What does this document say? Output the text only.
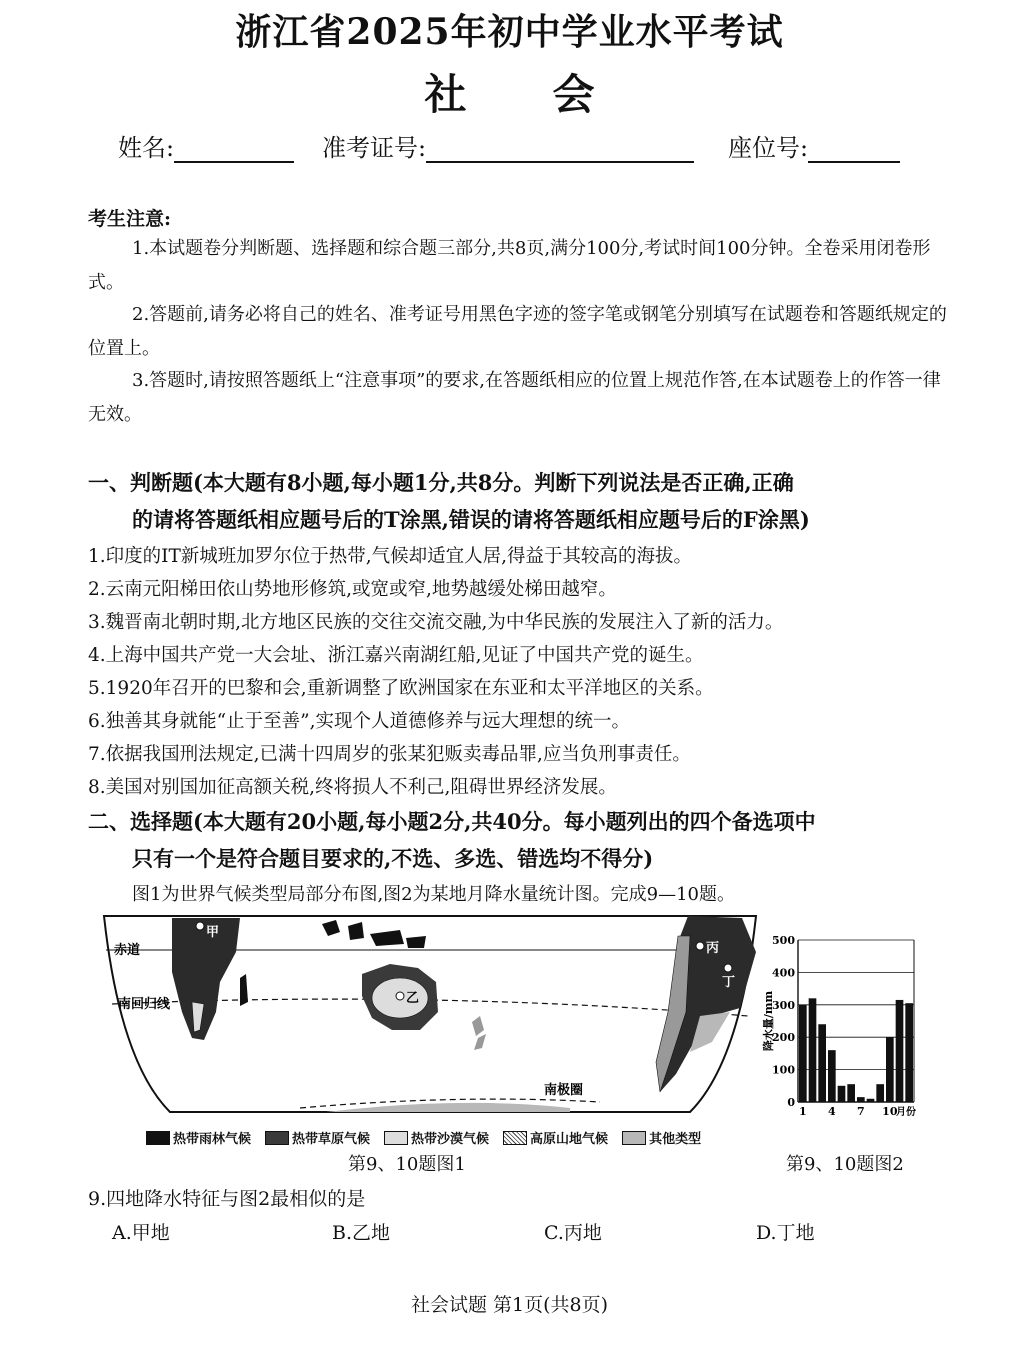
浙江省2025年初中学业水平考试
社会
姓名:	准考证号:	座位号:
考生注意:
1.本试题卷分判断题、选择题和综合题三部分,共8页,满分100分,考试时间100分钟。全卷采用闭卷形式。
2.答题前,请务必将自己的姓名、准考证号用黑色字迹的签字笔或钢笔分别填写在试题卷和答题纸规定的位置上。
3.答题时,请按照答题纸上“注意事项”的要求,在答题纸相应的位置上规范作答,在本试题卷上的作答一律无效。
一、判断题(本大题有8小题,每小题1分,共8分。判断下列说法是否正确,正确
的请将答题纸相应题号后的T涂黑,错误的请将答题纸相应题号后的F涂黑)
1.印度的IT新城班加罗尔位于热带,气候却适宜人居,得益于其较高的海拔。
2.云南元阳梯田依山势地形修筑,或宽或窄,地势越缓处梯田越窄。
3.魏晋南北朝时期,北方地区民族的交往交流交融,为中华民族的发展注入了新的活力。
4.上海中国共产党一大会址、浙江嘉兴南湖红船,见证了中国共产党的诞生。
5.1920年召开的巴黎和会,重新调整了欧洲国家在东亚和太平洋地区的关系。
6.独善其身就能“止于至善”,实现个人道德修养与远大理想的统一。
7.依据我国刑法规定,已满十四周岁的张某犯贩卖毒品罪,应当负刑事责任。
8.美国对别国加征高额关税,终将损人不利己,阻碍世界经济发展。
二、选择题(本大题有20小题,每小题2分,共40分。每小题列出的四个备选项中
只有一个是符合题目要求的,不选、多选、错选均不得分)
图1为世界气候类型局部分布图,图2为某地月降水量统计图。完成9—10题。
赤道
南回归线
南极圈
甲
乙
丙
丁
热带雨林气候	热带草原气候	热带沙漠气候	高原山地气候	其他类型
0
100
200
300
400
500
1 4 7 10
月份
降水量/mm
第9、10题图1	第9、10题图2
9.四地降水特征与图2最相似的是
A.甲地	B.乙地	C.丙地	D.丁地
社会试题 第1页(共8页)
